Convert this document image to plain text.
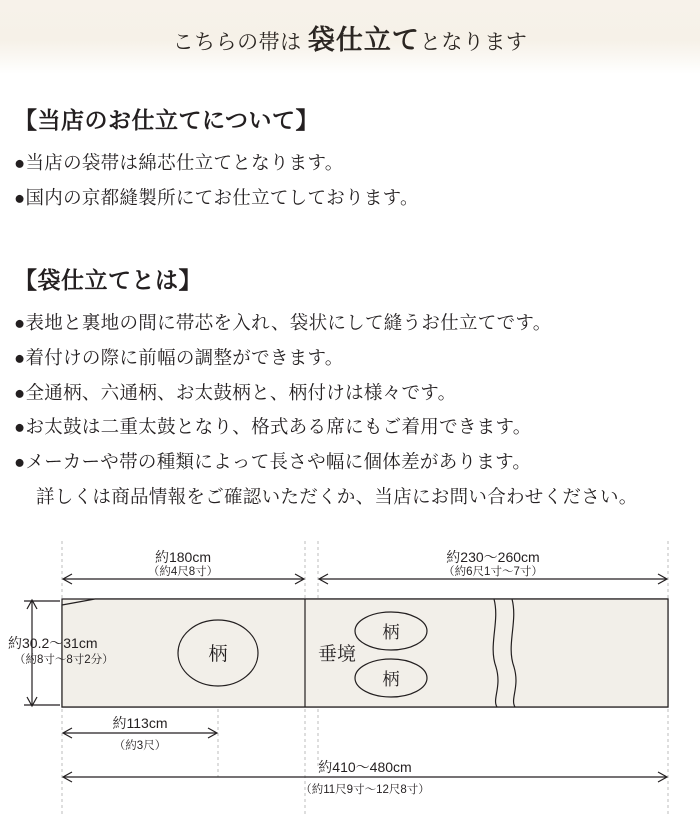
こちらの帯は 袋仕立てとなります
【当店のお仕立てについて】

●当店の袋帯は綿芯仕立てとなります。

●国内の京都縫製所にてお仕立てしております。

【袋仕立てとは】

●表地と裏地の間に帯芯を入れ、袋状にして縫うお仕立てです。

●着付けの際に前幅の調整ができます。

●全通柄、六通柄、お太鼓柄と、柄付けは様々です。

●お太鼓は二重太鼓となり、格式ある席にもご着用できます。

●メーカーや帯の種類によって長さや幅に個体差があります。

詳しくは商品情報をご確認いただくか、当店にお問い合わせください。

約180cm
（約4尺8寸）
約230〜260cm
（約6尺1寸〜7寸）
柄	垂境
柄
柄
約30.2〜31cm
（約8寸〜8寸2分）
約113cm
（約3尺）
約410〜480cm
（約11尺9寸〜12尺8寸）
